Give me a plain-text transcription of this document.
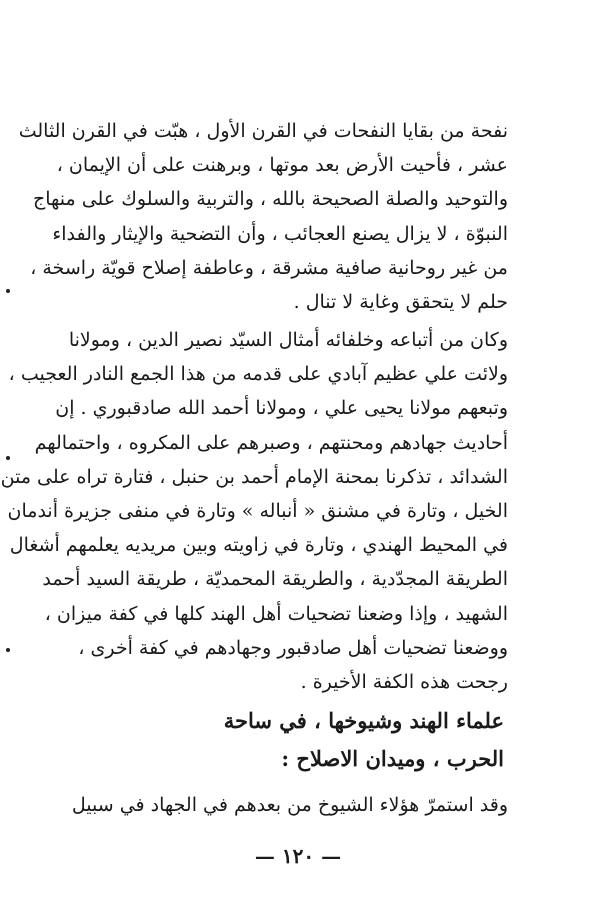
نفحة من بقايا النفحات في القرن الأول ، هبّت في القرن الثالث
عشر ، فأحيت الأرض بعد موتها ، وبرهنت على أن الإيمان ،
والتوحيد والصلة الصحيحة بالله ، والتربية والسلوك على منهاج
النبوّة ، لا يزال يصنع العجائب ، وأن التضحية والإيثار والفداء
من غير روحانية صافية مشرقة ، وعاطفة إصلاح قويّة راسخة ،
حلم لا يتحقق وغاية لا تنال .
وكان من أتباعه وخلفائه أمثال السيّد نصير الدين ، ومولانا
ولائت علي عظيم آبادي على قدمه من هذا الجمع النادر العجيب ،
وتبعهم مولانا يحيى علي ، ومولانا أحمد الله صادقبوري . إن
أحاديث جهادهم ومحنتهم ، وصبرهم على المكروه ، واحتمالهم
الشدائد ، تذكرنا بمحنة الإمام أحمد بن حنبل ، فتارة تراه على متن
الخيل ، وتارة في مشنق « أنباله » وتارة في منفى جزيرة أندمان
في المحيط الهندي ، وتارة في زاويته وبين مريديه يعلمهم أشغال
الطريقة المجدّدية ، والطريقة المحمديّة ، طريقة السيد أحمد
الشهيد ، وإذا وضعنا تضحيات أهل الهند كلها في كفة ميزان ،
ووضعنا تضحيات أهل صادقبور وجهادهم في كفة أخرى ،
رجحت هذه الكفة الأخيرة .
علماء الهند وشيوخها ، في ساحة
الحرب ، وميدان الاصلاح :
وقد استمرّ هؤلاء الشيوخ من بعدهم في الجهاد في سبيل
— ١٢٠ —
